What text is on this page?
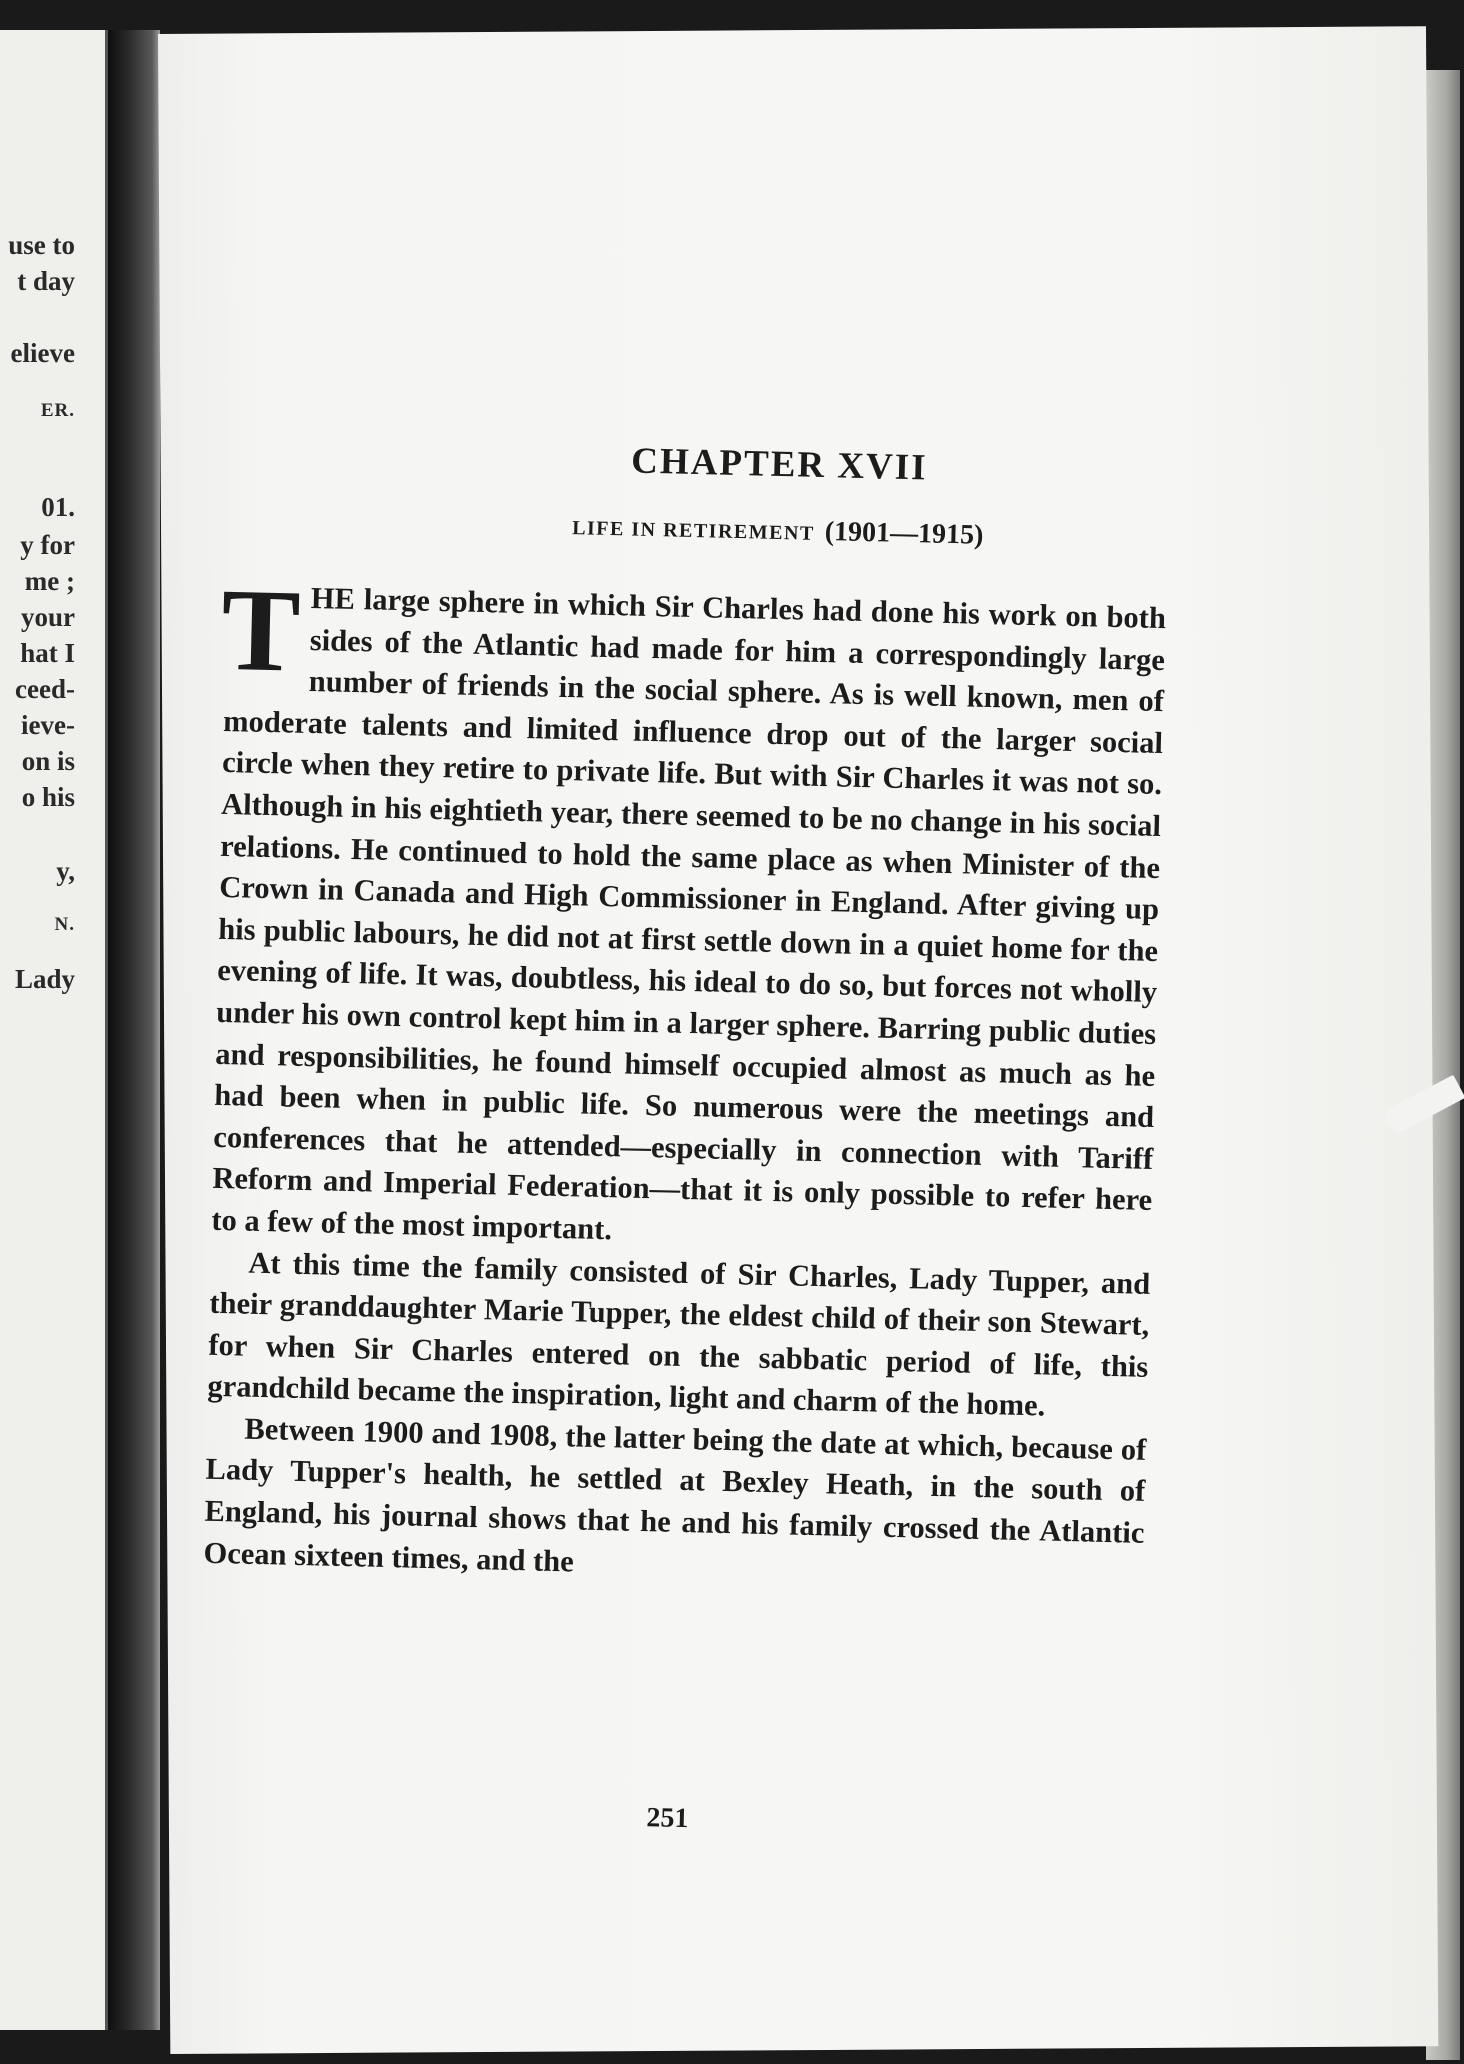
use to
t day
elieve
ER.
01.
y for
me ;
your
hat I
ceed-
ieve-
on is
o his
y,
N.
Lady
CHAPTER XVII
LIFE IN RETIREMENT (1901—1915)

THE large sphere in which Sir Charles had done his work on both sides of the Atlantic had made for him a correspondingly large number of friends in the social sphere. As is well known, men of moderate talents and limited influence drop out of the larger social circle when they retire to private life. But with Sir Charles it was not so. Although in his eightieth year, there seemed to be no change in his social relations. He continued to hold the same place as when Minister of the Crown in Canada and High Commissioner in England. After giving up his public labours, he did not at first settle down in a quiet home for the evening of life. It was, doubtless, his ideal to do so, but forces not wholly under his own control kept him in a larger sphere. Barring public duties and responsibilities, he found himself occupied almost as much as he had been when in public life. So numerous were the meetings and conferences that he attended—especially in connection with Tariff Reform and Imperial Federation—that it is only possible to refer here to a few of the most important.

At this time the family consisted of Sir Charles, Lady Tupper, and their granddaughter Marie Tupper, the eldest child of their son Stewart, for when Sir Charles entered on the sabbatic period of life, this grandchild became the inspiration, light and charm of the home.

Between 1900 and 1908, the latter being the date at which, because of Lady Tupper's health, he settled at Bexley Heath, in the south of England, his journal shows that he and his family crossed the Atlantic Ocean sixteen times, and the

251
